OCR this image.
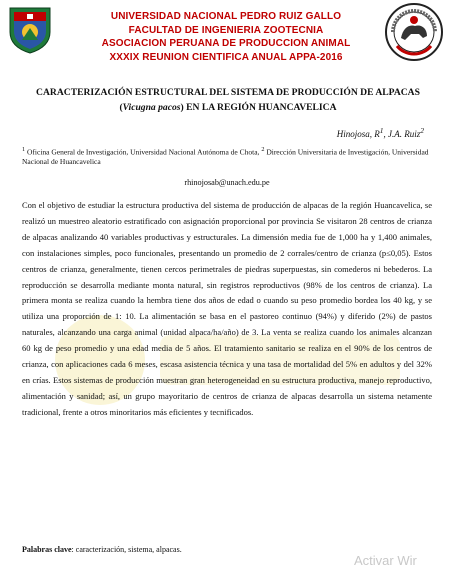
UNIVERSIDAD NACIONAL PEDRO RUIZ GALLO
FACULTAD DE INGENIERIA ZOOTECNIA
ASOCIACION PERUANA DE PRODUCCION ANIMAL
XXXIX REUNION CIENTIFICA ANUAL APPA-2016
CARACTERIZACIÓN ESTRUCTURAL DEL SISTEMA DE PRODUCCIÓN DE ALPACAS (Vicugna pacos) EN LA REGIÓN HUANCAVELICA
Hinojosa, $R^1$, J.A. Ruiz$^2$
$^1$ Oficina General de Investigación, Universidad Nacional Autónoma de Chota, $^2$ Dirección Universitaria de Investigación, Universidad Nacional de Huancavelica
rhinojosab@unach.edu.pe
Con el objetivo de estudiar la estructura productiva del sistema de producción de alpacas de la región Huancavelica, se realizó un muestreo aleatorio estratificado con asignación proporcional por provincia Se visitaron 28 centros de crianza de alpacas analizando 40 variables productivas y estructurales. La dimensión media fue de 1,000 ha y 1,400 animales, con instalaciones simples, poco funcionales, presentando un promedio de 2 corrales/centro de crianza (p≤0,05). Estos centros de crianza, generalmente, tienen cercos perimetrales de piedras superpuestas, sin comederos ni bebederos. La reproducción se desarrolla mediante monta natural, sin registros reproductivos (98% de los centros de crianza). La primera monta se realiza cuando la hembra tiene dos años de edad o cuando su peso promedio bordea los 40 kg, y se utiliza una proporción de 1: 10. La alimentación se basa en el pastoreo continuo (94%) y diferido (2%) de pastos naturales, alcanzando una carga animal (unidad alpaca/ha/año) de 3. La venta se realiza cuando los animales alcanzan 60 kg de peso promedio y una edad media de 5 años. El tratamiento sanitario se realiza en el 90% de los centros de crianza, con aplicaciones cada 6 meses, escasa asistencia técnica y una tasa de mortalidad del 5% en adultos y del 32% en crías. Estos sistemas de producción muestran gran heterogeneidad en su estructura productiva, manejo reproductivo, alimentación y sanidad; así, un grupo mayoritario de centros de crianza de alpacas desarrolla un sistema netamente tradicional, frente a otros minoritarios más eficientes y tecnificados.
Palabras clave: caracterización, sistema, alpacas.
Activar Wir
